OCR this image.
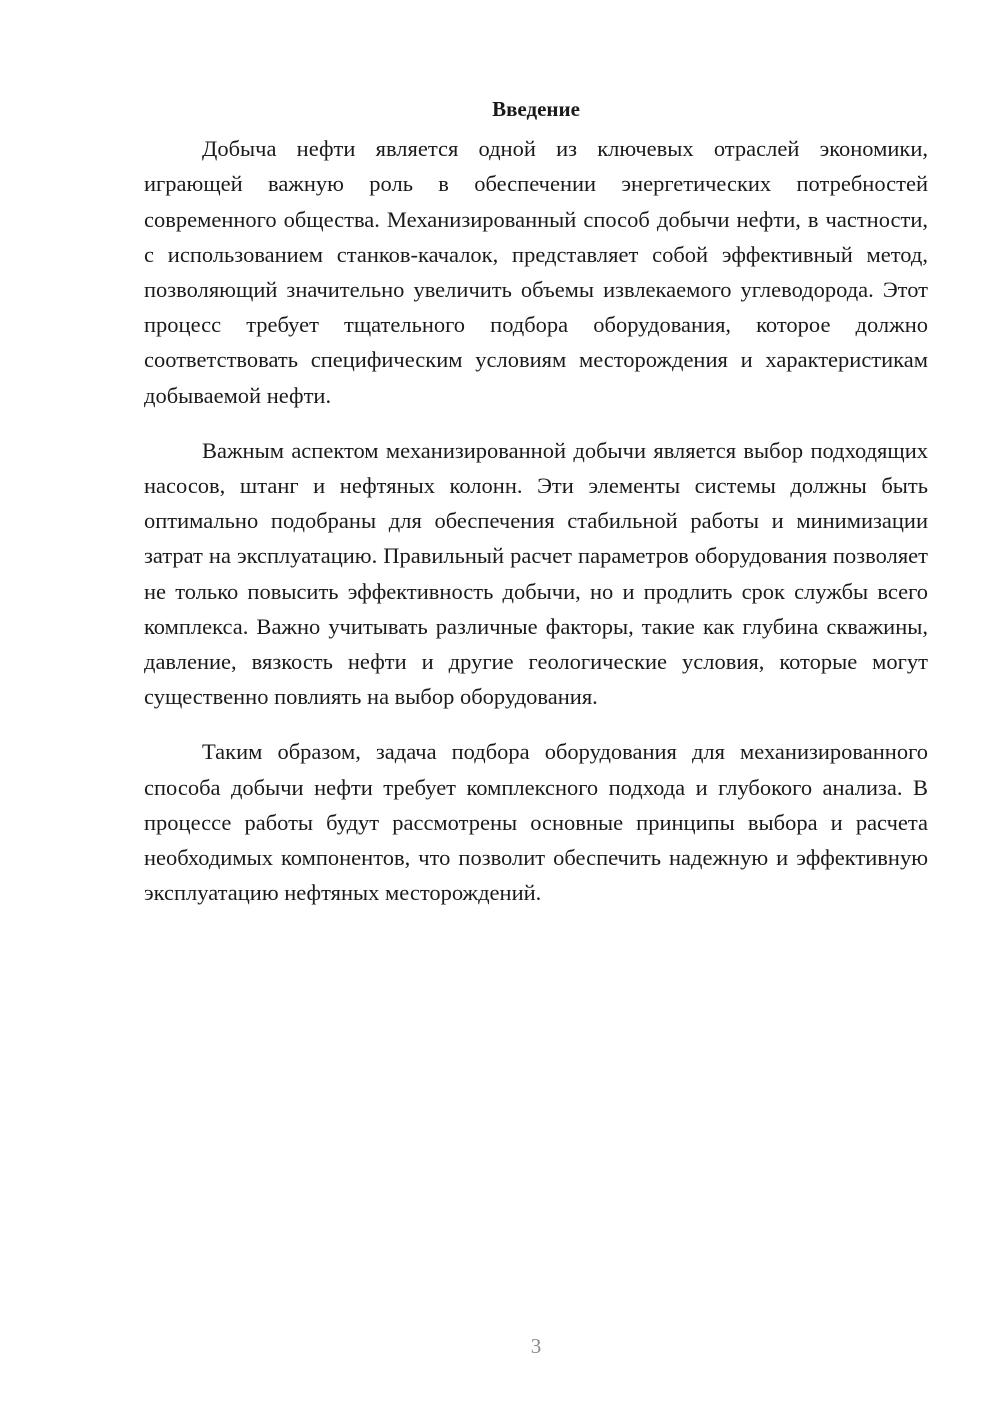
Введение

Добыча нефти является одной из ключевых отраслей экономики, играющей важную роль в обеспечении энергетических потребностей современного общества. Механизированный способ добычи нефти, в частности, с использованием станков-качалок, представляет собой эффективный метод, позволяющий значительно увеличить объемы извлекаемого углеводорода. Этот процесс требует тщательного подбора оборудования, которое должно соответствовать специфическим условиям месторождения и характеристикам добываемой нефти.

Важным аспектом механизированной добычи является выбор подходящих насосов, штанг и нефтяных колонн. Эти элементы системы должны быть оптимально подобраны для обеспечения стабильной работы и минимизации затрат на эксплуатацию. Правильный расчет параметров оборудования позволяет не только повысить эффективность добычи, но и продлить срок службы всего комплекса. Важно учитывать различные факторы, такие как глубина скважины, давление, вязкость нефти и другие геологические условия, которые могут существенно повлиять на выбор оборудования.

Таким образом, задача подбора оборудования для механизированного способа добычи нефти требует комплексного подхода и глубокого анализа. В процессе работы будут рассмотрены основные принципы выбора и расчета необходимых компонентов, что позволит обеспечить надежную и эффективную эксплуатацию нефтяных месторождений.

3
